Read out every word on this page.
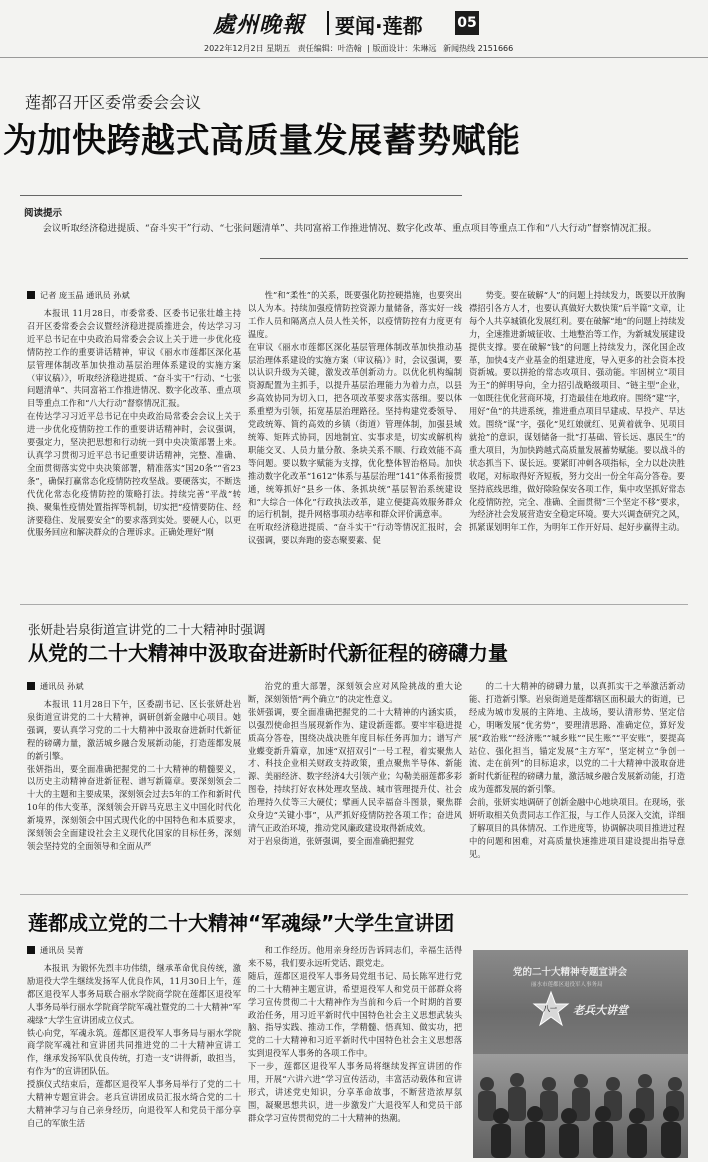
處州晚報 要闻·莲都 05
2022年12月2日 星期五 责任编辑：叶浩翰 | 版面设计：朱琳远 新闻热线 2151666
莲都召开区委常委会会议
为加快跨越式高质量发展蓄势赋能
阅读提示
会议听取经济稳进提质、“奋斗实干”行动、“七张问题清单”、共同富裕工作推进情况、数字化改革、重点项目等重点工作和“八大行动”督察情况汇报。
记者 庞玉晶 通讯员 孙斌
本报讯 11月28日，市委常委、区委书记张壮雄主持召开区委常委会会议暨经济稳进提质推进会，传达学习习近平总书记在中央政治局常委会会议上关于进一步优化疫情防控工作的重要讲话精神，审议《丽水市莲都区深化基层管理体制改革加快推动基层治理体系建设的实施方案（审议稿）》，听取经济稳进提质、“奋斗实干”行动、“七张问题清单”、共同富裕工作推进情况、数字化改革、重点项目等重点工作和“八大行动”督察情况汇报。
在传达学习习近平总书记在中央政治局常委会会议上关于进一步优化疫情防控工作的重要讲话精神时，会议强调，要强定力，坚决把思想和行动统一到中央决策部署上来。认真学习贯彻习近平总书记重要讲话精神，完整、准确、全面贯彻落实党中央决策部署，精准落实“国20条”“省23条”，确保打赢常态化疫情防控攻坚战。要硬落实，不断迭代优化常态化疫情防控的策略打法。持续完善“平战”转换、聚集性疫情处置指挥等机制，切实把“疫情要防住、经济要稳住、发展要安全”的要求落到实处。要硬人心，以更优服务回应和解决群众的合理诉求。正确处理好“刚
性”和“柔性”的关系，既要强化防控硬措施，也要突出以人为本。持续加强疫情防控资源力量储备，落实好一线工作人员和隔离点人员人性关怀，以疫情防控有力度更有温度。
在审议《丽水市莲都区深化基层管理体制改革加快推动基层治理体系建设的实施方案（审议稿）》时，会议强调，要以认识升级为关键，激发改革创新动力。以优化机构编制资源配置为主抓手，以提升基层治理能力为着力点，以县乡高效协同为切入口，把各项改革要求落实落细。要以体系重塑为引领，拓宽基层治理路径。坚持构建党委领导、党政统筹、简约高效的乡镇（街道）管理体制，加强县域统筹、矩阵式协同，因地制宜、实事求是，切实或解机构职能交叉、人员力量分散、条块关系不顺、行政效能不高等问题。要以数字赋能为支撑，优化整体智治格局。加快推动数字化改革“1612”体系与基层治理“141”体系衔接贯通，统筹抓好“县乡一体、条抓块统”基层智治系统建设和“大综合一体化”行政执法改革，建立便捷高效服务群众的运行机制，提升网格事项办结率和群众评价满意率。
在听取经济稳进提质、“奋斗实干”行动等情况汇报时，会议强调，要以奔跑的姿态聚要素、促
势变。要在破解“人”的问题上持续发力，既要以开放胸襟招引各方人才，也要认真做好大数快策”后半篇”文章，让每个人共享城镇化发展红利。要在破解“地”的问题上持续发力，全速推进新城征收、土地整治等工作，为新城发展建设提供支撑。要在破解“钱”的问题上持续发力，深化国企改革，加快4支产业基金的组建进度，导入更多的社会资本投资新城。要以拼抢的常态攻项目、强动能。牢固树立“项目为王”的鲜明导向，全力招引战略级项目、“链主型”企业，一如既往优化营商环境，打造最佳在地政府。围绕“建”字，用好“鱼”的共进系统，推进重点项目早建成、早投产、早达效。围绕“谋”字，强化“见红娘就红、见黄着就争、见项目就抢”的意识，谋划储备一批“打基础、管长远、惠民生”的重大项目，为加快跨越式高质量发展蓄势赋能。要以战斗的状态抓当下、谋长远。要紧盯冲刺各项指标，全力以赴决胜收尾，对标取得好齐短板，努力交出一份全年高分答卷。要坚持底线思维，做好除险保安各项工作，集中攻坚抓好常态化疫情防控，完全、准确、全面贯彻“三个坚定不移”要求，为经济社会发展营造安全稳定环境。要大兴调查研究之风，抓紧谋划明年工作，为明年工作开好局、起好步赢得主动。
张妍赴岩泉街道宣讲党的二十大精神时强调
从党的二十大精神中汲取奋进新时代新征程的磅礴力量
通讯员 孙斌
本报讯 11月28日下午，区委副书记、区长张妍赴岩泉街道宣讲党的二十大精神，调研创新金融中心项目。她强调，要认真学习党的二十大精神中汲取奋进新时代新征程的磅礴力量，激活城乡融合发展新动能，打造莲都发展的新引擎。
张妍指出，要全面准确把握党的二十大精神的精髓要义，以历史主动精神奋进新征程、谱写新篇章。要深刻领会二十大的主题和主要成果，深刻领会过去5年的工作和新时代10年的伟大变革，深刻领会开辟马克思主义中国化时代化新境界，深刻领会中国式现代化的中国特色和本质要求，深刻领会全面建设社会主义现代化国家的目标任务，深刻领会坚持党的全面领导和全面从严
治党的重大部署，深刻领会应对风险挑战的重大论断，深刻领悟“两个确立”的决定性意义。
张妍强调，要全面准确把握党的二十大精神的内涵实质，以强烈使命担当展现新作为、建设新莲都。要牢牢稳进提质高分答卷，围绕决战决胜年度目标任务再加力；谱写产业蝶变新升篇章，加速“双招双引”一号工程，着实聚焦人才、科技企业相关财政支持政策，重点聚焦半导体、新能源、美丽经济、数字经济4大引领产业；勾勒美丽莲都多彩图卷，持续打好农林处理攻坚战、城市管理提升仗、社会治理持久仗等三大硬仗；擘画人民幸福奋斗图景，聚焦群众身边“关键小事”，从严抓好疫情防控各项工作；奋进风清气正政治环境，推动党风廉政建设取得新成效。
对于岩泉街道，张妍强调，要全面准确把握党
的二十大精神的磅礴力量，以真抓实干之举激活新动能、打造新引擎。岩泉街道是莲都辖区面积最大的街道，已经成为城市发展的主阵地、主战场，要认清形势、坚定信心，明晰发展“优劣势”，要理清思路、准确定位，算好发展“政治账”“经济账”“城乡账”“民生账”“平安账”，要提高站位、强化担当，锚定发展“主方军”，坚定树立“争创一流、走在前列”的目标追求，以党的二十大精神中汲取奋进新时代新征程的磅礴力量，激活城乡融合发展新动能，打造成为莲都发展的新引擎。
会前，张妍实地调研了创新金融中心地块项目。在现场，张妍听取相关负责同志工作汇报，与工作人员深入交流，详细了解项目的具体情况、工作进度等，协调解决项目推进过程中的问题和困难，对高质量快速推进项目建设提出指导意见。
莲都成立党的二十大精神“军魂绿”大学生宣讲团
通讯员 吴菁
本报讯 为锻怀先烈丰功伟绩，继承革命优良传统，激励退役大学生继续发扬军人优良作风，11月30日上午，莲都区退役军人事务局联合丽水学院商学院在莲都区退役军人事务局举行丽水学院商学院军魂社暨党的二十大精神“军魂绿”大学生宣讲团成立仪式。
铁心向党，军魂永筑。莲都区退役军人事务局与丽水学院商学院军魂社和宣讲团共同推进党的二十大精神宣讲工作，继承发扬军队优良传统，打造一支“讲得新，敢担当，有作为”的宣讲团队伍。
授旗仪式结束后，莲都区退役军人事务局举行了党的二十大精神专题宣讲会。老兵宣讲团成员汇报水绮合党的二十大精神学习与自己亲身经历，向退役军人和党员干部分享自己的军旅生活
和工作经历。他用亲身经历告诉同志们，幸福生活得来不易，我们要永远听党话、跟党走。
随后，莲都区退役军人事务局党组书记、局长陈军进行党的二十大精神主题宣讲，希望退役军人和党员干部群众将学习宣传贯彻二十大精神作为当前和今后一个时期的首要政治任务，用习近平新时代中国特色社会主义思想武装头脑、指导实践、推动工作，学精髓、悟真知、做实功，把党的二十大精神和习近平新时代中国特色社会主义思想落实到退役军人事务的各项工作中。
下一步，莲都区退役军人事务局将继续发挥宣讲团的作用，开展“六讲六进”学习宣传活动，丰富活动载体和宣讲形式，讲述党史知识，分享革命故事，不断营造浓厚氛围，凝聚思想共识，进一步激发广大退役军人和党员干部群众学习宣传贯彻党的二十大精神的热潮。
党的二十大精神专题宣讲会
丽水市莲都区退役军人事务局
八一 老兵大讲堂
